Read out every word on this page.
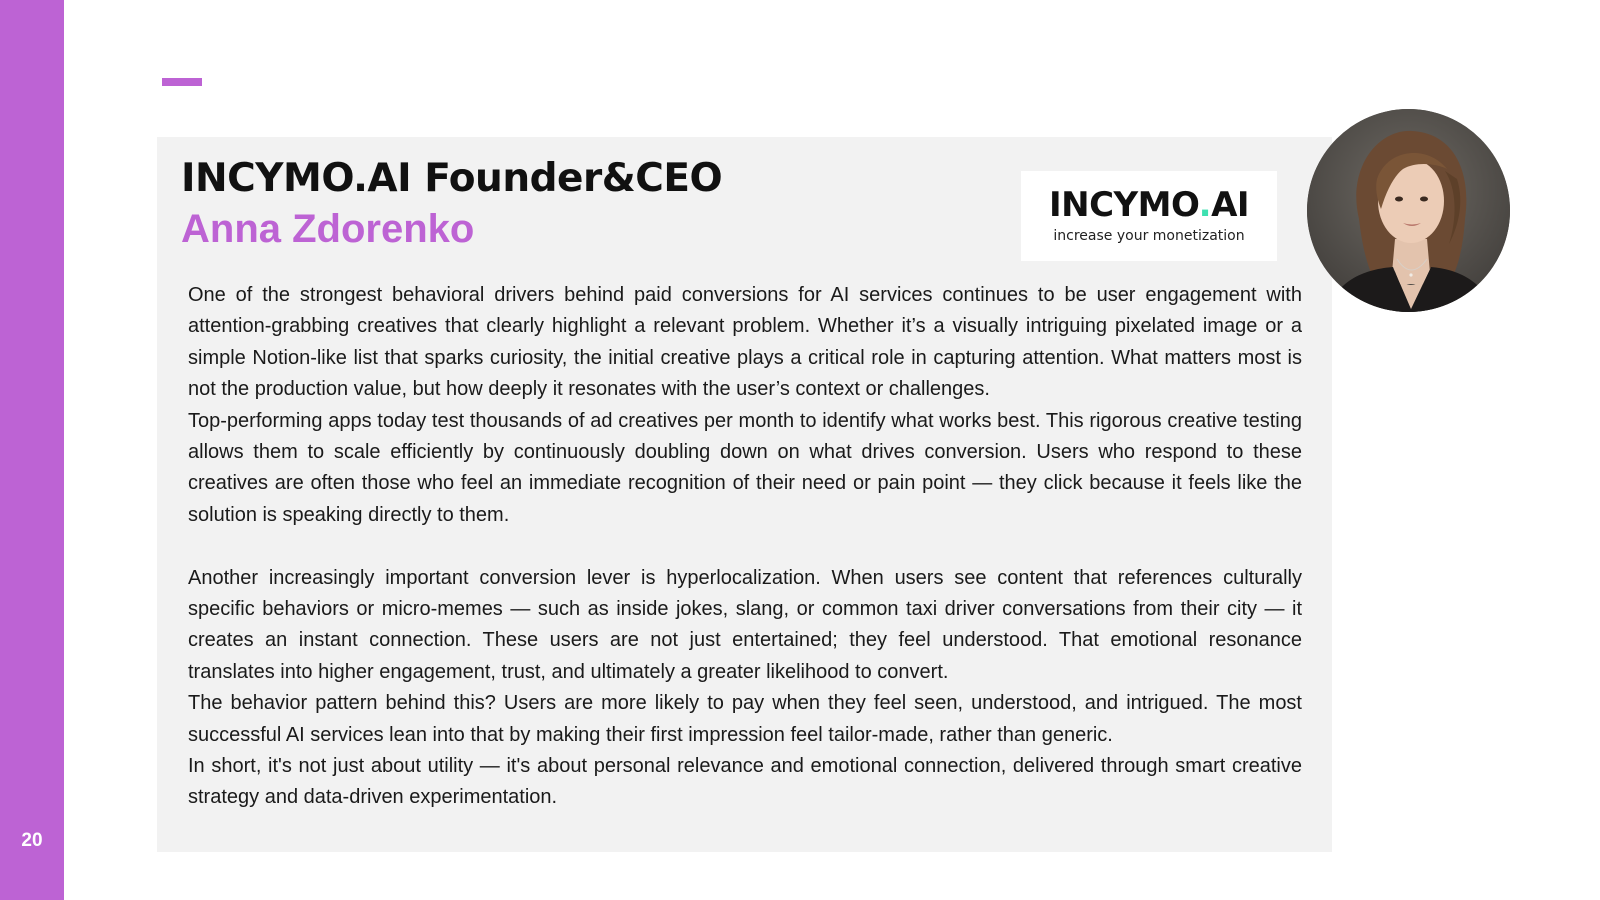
20
INCYMO.AI Founder&CEO
Anna Zdorenko
INCYMO.AI
increase your monetization

One of the strongest behavioral drivers behind paid conversions for AI services continues to be user engagement with attention-grabbing creatives that clearly highlight a relevant problem. Whether it’s a visually intriguing pixelated image or a simple Notion-like list that sparks curiosity, the initial creative plays a critical role in capturing attention. What matters most is not the production value, but how deeply it resonates with the user’s context or challenges.

Top-performing apps today test thousands of ad creatives per month to identify what works best. This rigorous creative testing allows them to scale efficiently by continuously doubling down on what drives conversion. Users who respond to these creatives are often those who feel an immediate recognition of their need or pain point — they click because it feels like the solution is speaking directly to them.

Another increasingly important conversion lever is hyperlocalization. When users see content that references culturally specific behaviors or micro-memes — such as inside jokes, slang, or common taxi driver conversations from their city — it creates an instant connection. These users are not just entertained; they feel understood. That emotional resonance translates into higher engagement, trust, and ultimately a greater likelihood to convert.

The behavior pattern behind this? Users are more likely to pay when they feel seen, understood, and intrigued. The most successful AI services lean into that by making their first impression feel tailor-made, rather than generic.

In short, it's not just about utility — it's about personal relevance and emotional connection, delivered through smart creative strategy and data-driven experimentation.
